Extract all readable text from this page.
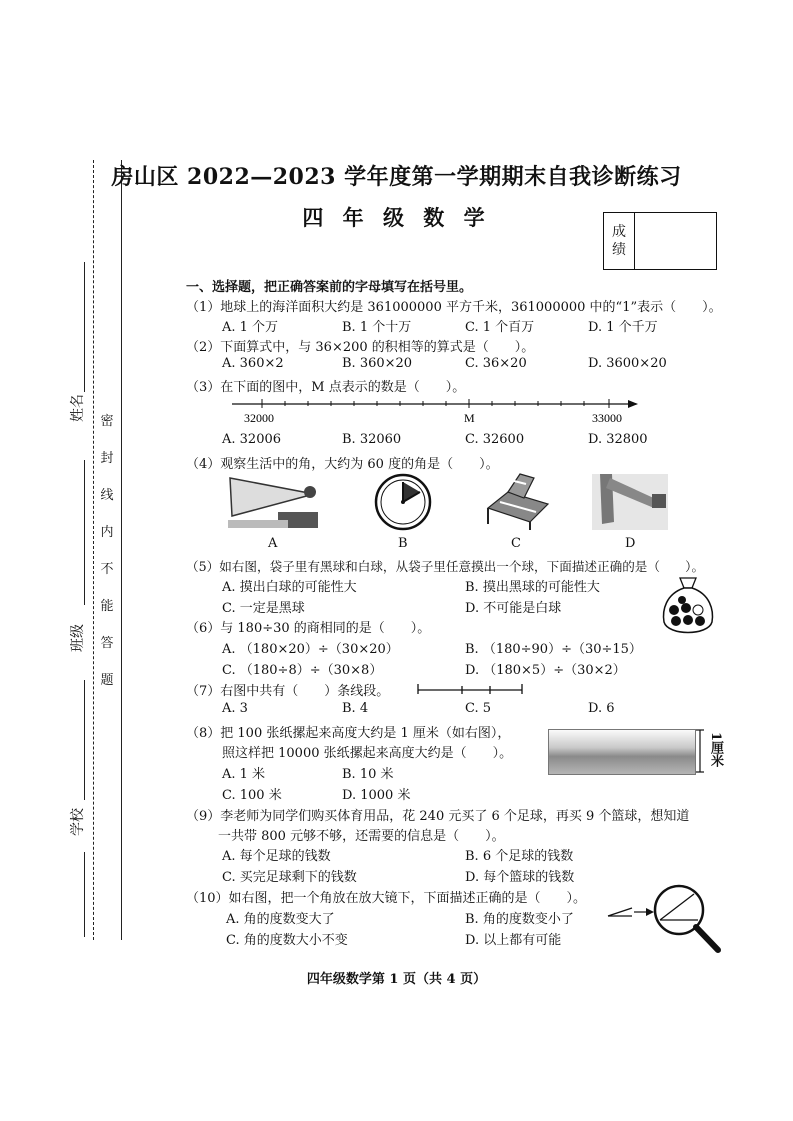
密
封
线
内
不
能
答
题
姓名
班级
学校
房山区 2022—2023 学年度第一学期期末自我诊断练习
四 年 级 数 学
成
绩
一、选择题，把正确答案前的字母填写在括号里。
（1）地球上的海洋面积大约是 361000000 平方千米，361000000 中的“1”表示（　　）。
A. 1 个万	B. 1 个十万	C. 1 个百万	D. 1 个千万
（2）下面算式中，与 36×200 的积相等的算式是（　　）。
A. 360×2	B. 360×20	C. 36×20	D. 3600×20
（3）在下面的图中，M 点表示的数是（　　）。
32000	M	33000
A. 32006	B. 32060	C. 32600	D. 32800
（4）观察生活中的角，大约为 60 度的角是（　　）。
A	B	C	D
（5）如右图，袋子里有黑球和白球，从袋子里任意摸出一个球，下面描述正确的是（　　）。
A. 摸出白球的可能性大	B. 摸出黑球的可能性大
C. 一定是黑球	D. 不可能是白球
（6）与 180÷30 的商相同的是（　　）。
A. （180×20）÷（30×20）	B. （180÷90）÷（30÷15）
C. （180÷8）÷（30×8）	D. （180×5）÷（30×2）
（7）右图中共有（　　）条线段。
A. 3	B. 4	C. 5	D. 6
（8）把 100 张纸摞起来高度大约是 1 厘米（如右图），
照这样把 10000 张纸摞起来高度大约是（　　）。	1厘米
A. 1 米	B. 10 米
C. 100 米	D. 1000 米
（9）李老师为同学们购买体育用品，花 240 元买了 6 个足球，再买 9 个篮球，想知道
一共带 800 元够不够，还需要的信息是（　　）。
A. 每个足球的钱数	B. 6 个足球的钱数
C. 买完足球剩下的钱数	D. 每个篮球的钱数
（10）如右图，把一个角放在放大镜下，下面描述正确的是（　　）。
A. 角的度数变大了	B. 角的度数变小了
C. 角的度数大小不变	D. 以上都有可能
四年级数学第 1 页（共 4 页）
